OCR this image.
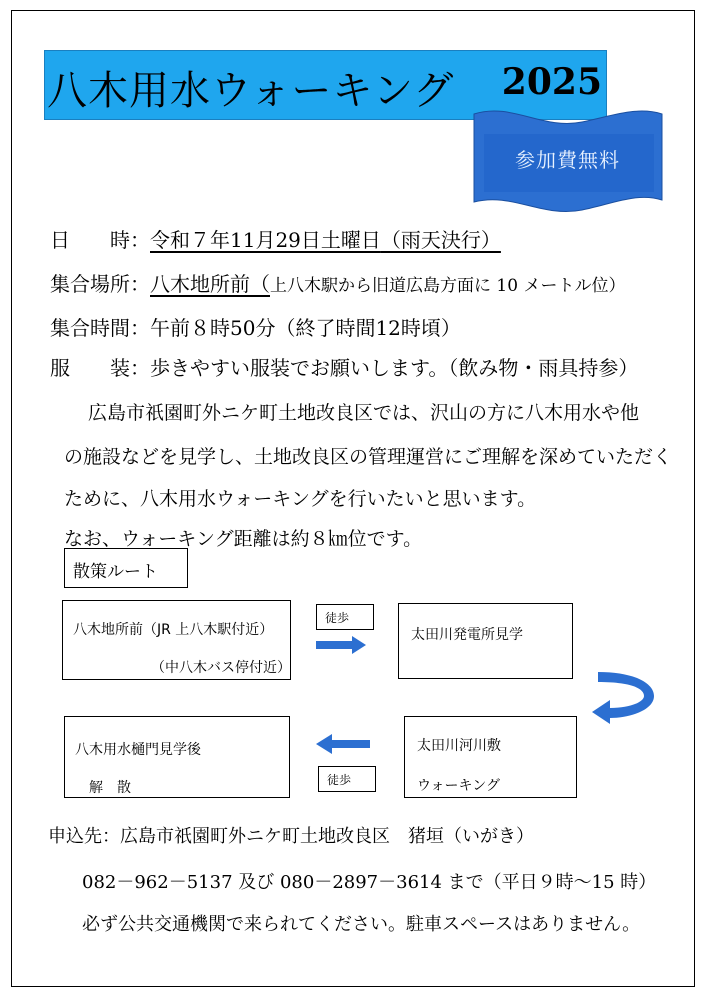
八木用水ウォーキング 2025
参加費無料
日　　時：令和７年11月29日土曜日（雨天決行）
集合場所：八木地所前（上八木駅から旧道広島方面に 10 メートル位）
集合時間：午前８時50分（終了時間12時頃）
服　　装：歩きやすい服装でお願いします。（飲み物・雨具持参）
広島市祇園町外ニケ町土地改良区では、沢山の方に八木用水や他
の施設などを見学し、土地改良区の管理運営にご理解を深めていただく
ために、八木用水ウォーキングを行いたいと思います。
なお、ウォーキング距離は約８㎞位です。
散策ルート
八木地所前（JR 上八木駅付近）
（中八木バス停付近）
徒歩
太田川発電所見学
太田川河川敷
ウォーキング
徒歩
八木用水樋門見学後
解　散
申込先：広島市祇園町外ニケ町土地改良区　猪垣（いがき）
082－962－5137 及び 080－2897－3614 まで（平日９時～15 時）
必ず公共交通機関で来られてください。駐車スペースはありません。
